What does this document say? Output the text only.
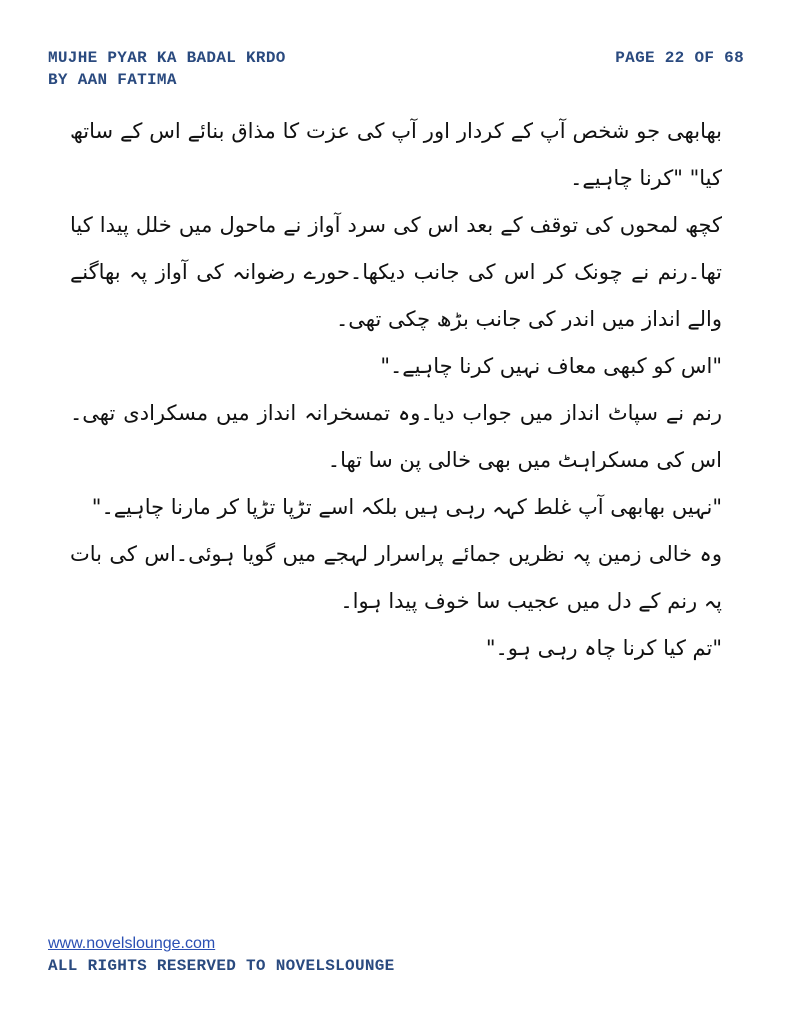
MUJHE PYAR KA BADAL KRDO
BY AAN FATIMA
PAGE 22 OF 68

بھابھی جو شخص آپ کے کردار اور آپ کی عزت کا مذاق بنائے اس کے ساتھ کیا" "کرنا چاہیے۔

کچھ لمحوں کی توقف کے بعد اس کی سرد آواز نے ماحول میں خلل پیدا کیا تھا۔رنم نے چونک کر اس کی جانب دیکھا۔حورے رضوانہ کی آواز پہ بھاگنے والے انداز میں اندر کی جانب بڑھ چکی تھی۔

"اس کو کبھی معاف نہیں کرنا چاہیے۔"

رنم نے سپاٹ انداز میں جواب دیا۔وہ تمسخرانہ انداز میں مسکرادی تھی۔اس کی مسکراہٹ میں بھی خالی پن سا تھا۔

"نہیں بھابھی آپ غلط کہہ رہی ہیں بلکہ اسے تڑپا تڑپا کر مارنا چاہیے۔"

وہ خالی زمین پہ نظریں جمائے پراسرار لہجے میں گویا ہوئی۔اس کی بات پہ رنم کے دل میں عجیب سا خوف پیدا ہوا۔

"تم کیا کرنا چاہ رہی ہو۔"

www.novelslounge.com
ALL RIGHTS RESERVED TO NOVELSLOUNGE
